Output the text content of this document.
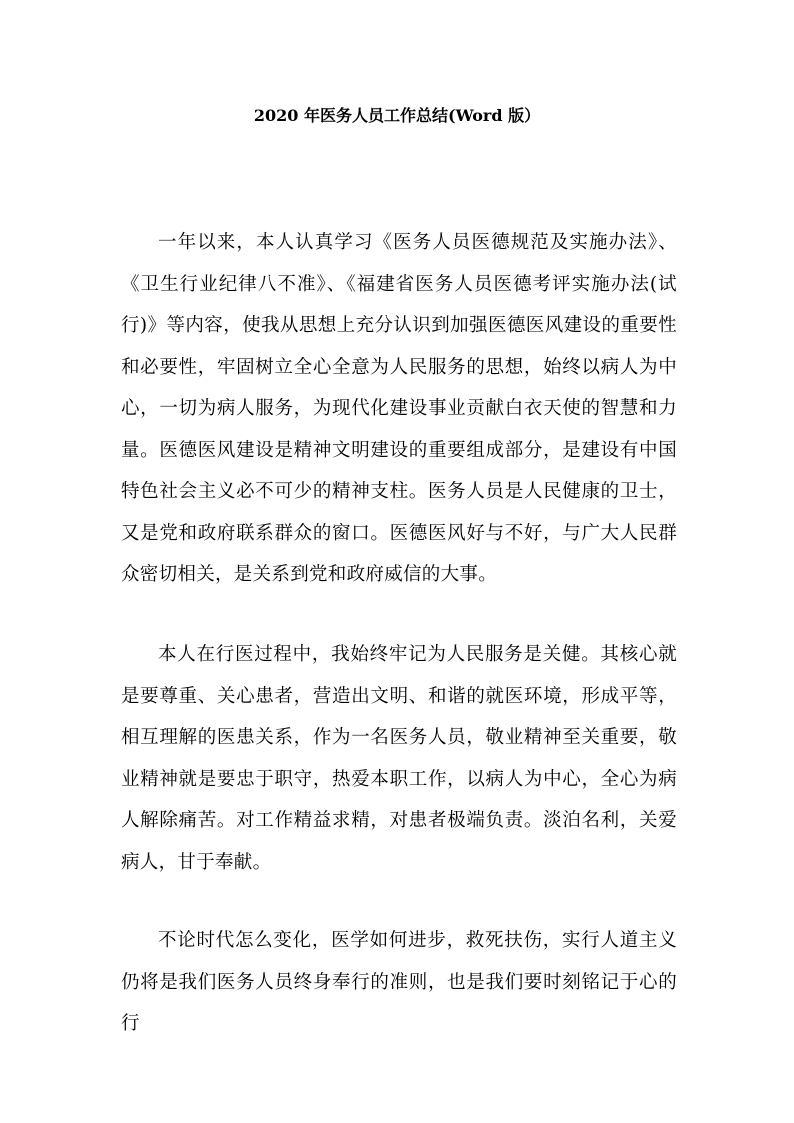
2020 年医务人员工作总结(Word 版）

一年以来，本人认真学习《医务人员医德规范及实施办法》、《卫生行业纪律八不准》、《福建省医务人员医德考评实施办法(试行)》等内容，使我从思想上充分认识到加强医德医风建设的重要性和必要性，牢固树立全心全意为人民服务的思想，始终以病人为中心，一切为病人服务，为现代化建设事业贡献白衣天使的智慧和力量。医德医风建设是精神文明建设的重要组成部分，是建设有中国特色社会主义必不可少的精神支柱。医务人员是人民健康的卫士，又是党和政府联系群众的窗口。医德医风好与不好，与广大人民群众密切相关，是关系到党和政府威信的大事。

本人在行医过程中，我始终牢记为人民服务是关健。其核心就是要尊重、关心患者，营造出文明、和谐的就医环境，形成平等，相互理解的医患关系，作为一名医务人员，敬业精神至关重要，敬业精神就是要忠于职守，热爱本职工作，以病人为中心，全心为病人解除痛苦。对工作精益求精，对患者极端负责。淡泊名利，关爱病人，甘于奉献。

不论时代怎么变化，医学如何进步，救死扶伤，实行人道主义仍将是我们医务人员终身奉行的准则，也是我们要时刻铭记于心的行
